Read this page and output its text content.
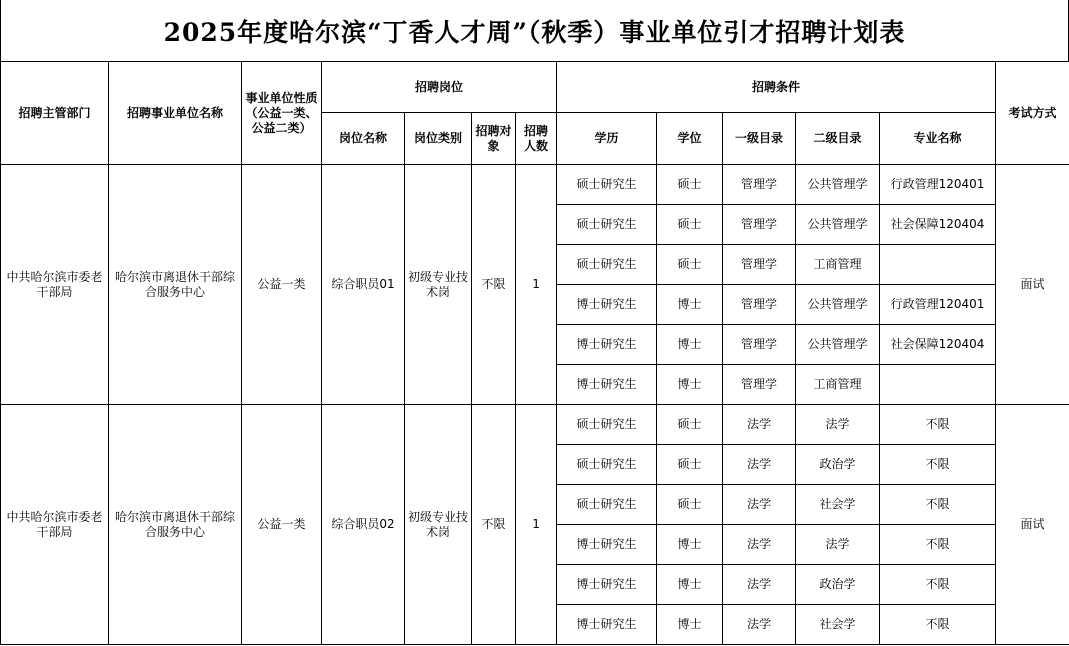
2025年度哈尔滨“丁香人才周”（秋季）事业单位引才招聘计划表
招聘主管部门	招聘事业单位名称	事业单位性质（公益一类、公益二类）	招聘岗位				招聘条件					考试方式
			岗位名称	岗位类别	招聘对象	招聘人数	学历	学位	一级目录	二级目录	专业名称	
中共哈尔滨市委老干部局	哈尔滨市离退休干部综合服务中心	公益一类	综合职员01	初级专业技术岗	不限	1	硕士研究生	硕士	管理学	公共管理学	行政管理120401	面试
							硕士研究生	硕士	管理学	公共管理学	社会保障120404	
							硕士研究生	硕士	管理学	工商管理		
							博士研究生	博士	管理学	公共管理学	行政管理120401	
							博士研究生	博士	管理学	公共管理学	社会保障120404	
							博士研究生	博士	管理学	工商管理		
中共哈尔滨市委老干部局	哈尔滨市离退休干部综合服务中心	公益一类	综合职员02	初级专业技术岗	不限	1	硕士研究生	硕士	法学	法学	不限	面试
							硕士研究生	硕士	法学	政治学	不限	
							硕士研究生	硕士	法学	社会学	不限	
							博士研究生	博士	法学	法学	不限	
							博士研究生	博士	法学	政治学	不限	
							博士研究生	博士	法学	社会学	不限	
